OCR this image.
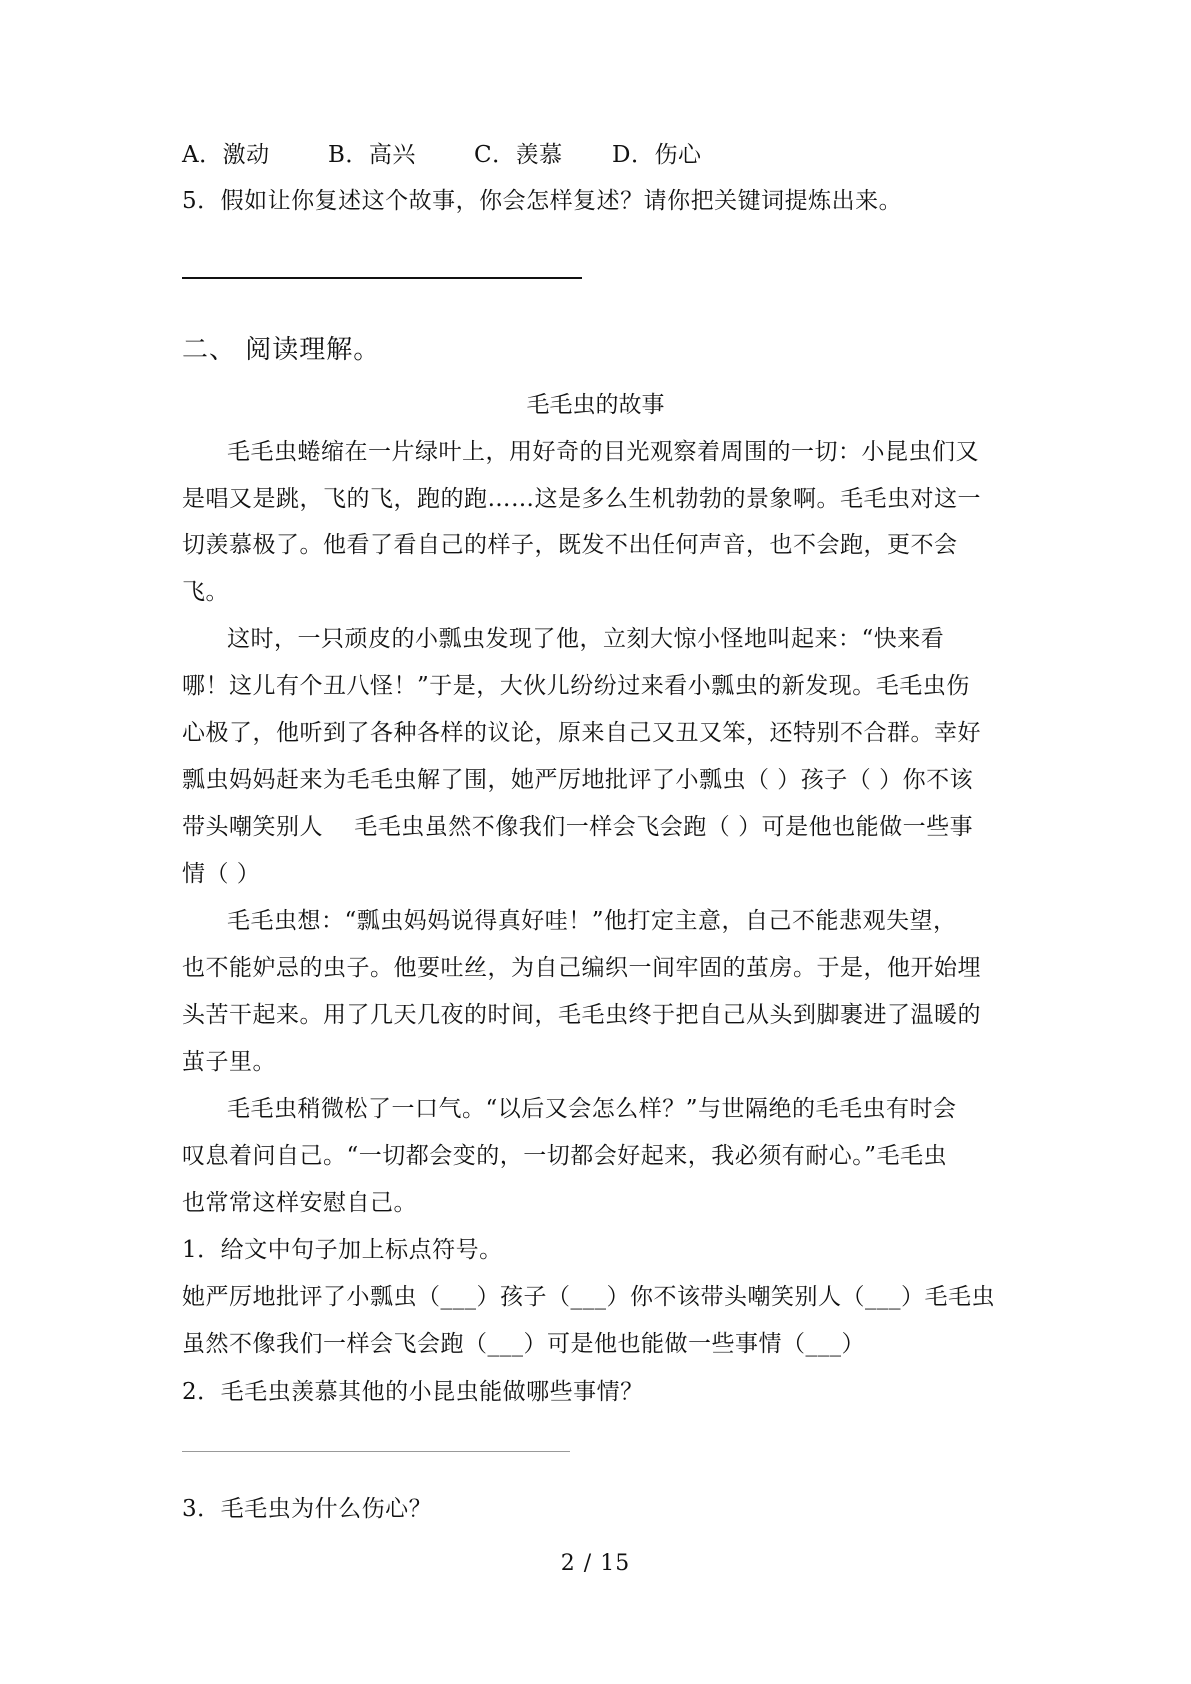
A．激动	B．高兴	C．羡慕	D．伤心
5．假如让你复述这个故事，你会怎样复述？请你把关键词提炼出来。
二、 阅读理解。
毛毛虫的故事
毛毛虫蜷缩在一片绿叶上，用好奇的目光观察着周围的一切：小昆虫们又
是唱又是跳，飞的飞，跑的跑……这是多么生机勃勃的景象啊。毛毛虫对这一
切羡慕极了。他看了看自己的样子，既发不出任何声音，也不会跑，更不会
飞。
这时，一只顽皮的小瓢虫发现了他，立刻大惊小怪地叫起来：“快来看
哪！这儿有个丑八怪！”于是，大伙儿纷纷过来看小瓢虫的新发现。毛毛虫伤
心极了，他听到了各种各样的议论，原来自己又丑又笨，还特别不合群。幸好
瓢虫妈妈赶来为毛毛虫解了围，她严厉地批评了小瓢虫（ ）孩子（ ）你不该
带头嘲笑别人　 毛毛虫虽然不像我们一样会飞会跑（ ）可是他也能做一些事
情（ ）
毛毛虫想：“瓢虫妈妈说得真好哇！”他打定主意，自己不能悲观失望，
也不能妒忌的虫子。他要吐丝，为自己编织一间牢固的茧房。于是，他开始埋
头苦干起来。用了几天几夜的时间，毛毛虫终于把自己从头到脚裹进了温暖的
茧子里。
毛毛虫稍微松了一口气。“以后又会怎么样？”与世隔绝的毛毛虫有时会
叹息着问自己。“一切都会变的，一切都会好起来，我必须有耐心。”毛毛虫
也常常这样安慰自己。
1．给文中句子加上标点符号。
她严厉地批评了小瓢虫（___）孩子（___）你不该带头嘲笑别人（___）毛毛虫
虽然不像我们一样会飞会跑（___）可是他也能做一些事情（___）
2．毛毛虫羡慕其他的小昆虫能做哪些事情？
3．毛毛虫为什么伤心？
2 / 15
